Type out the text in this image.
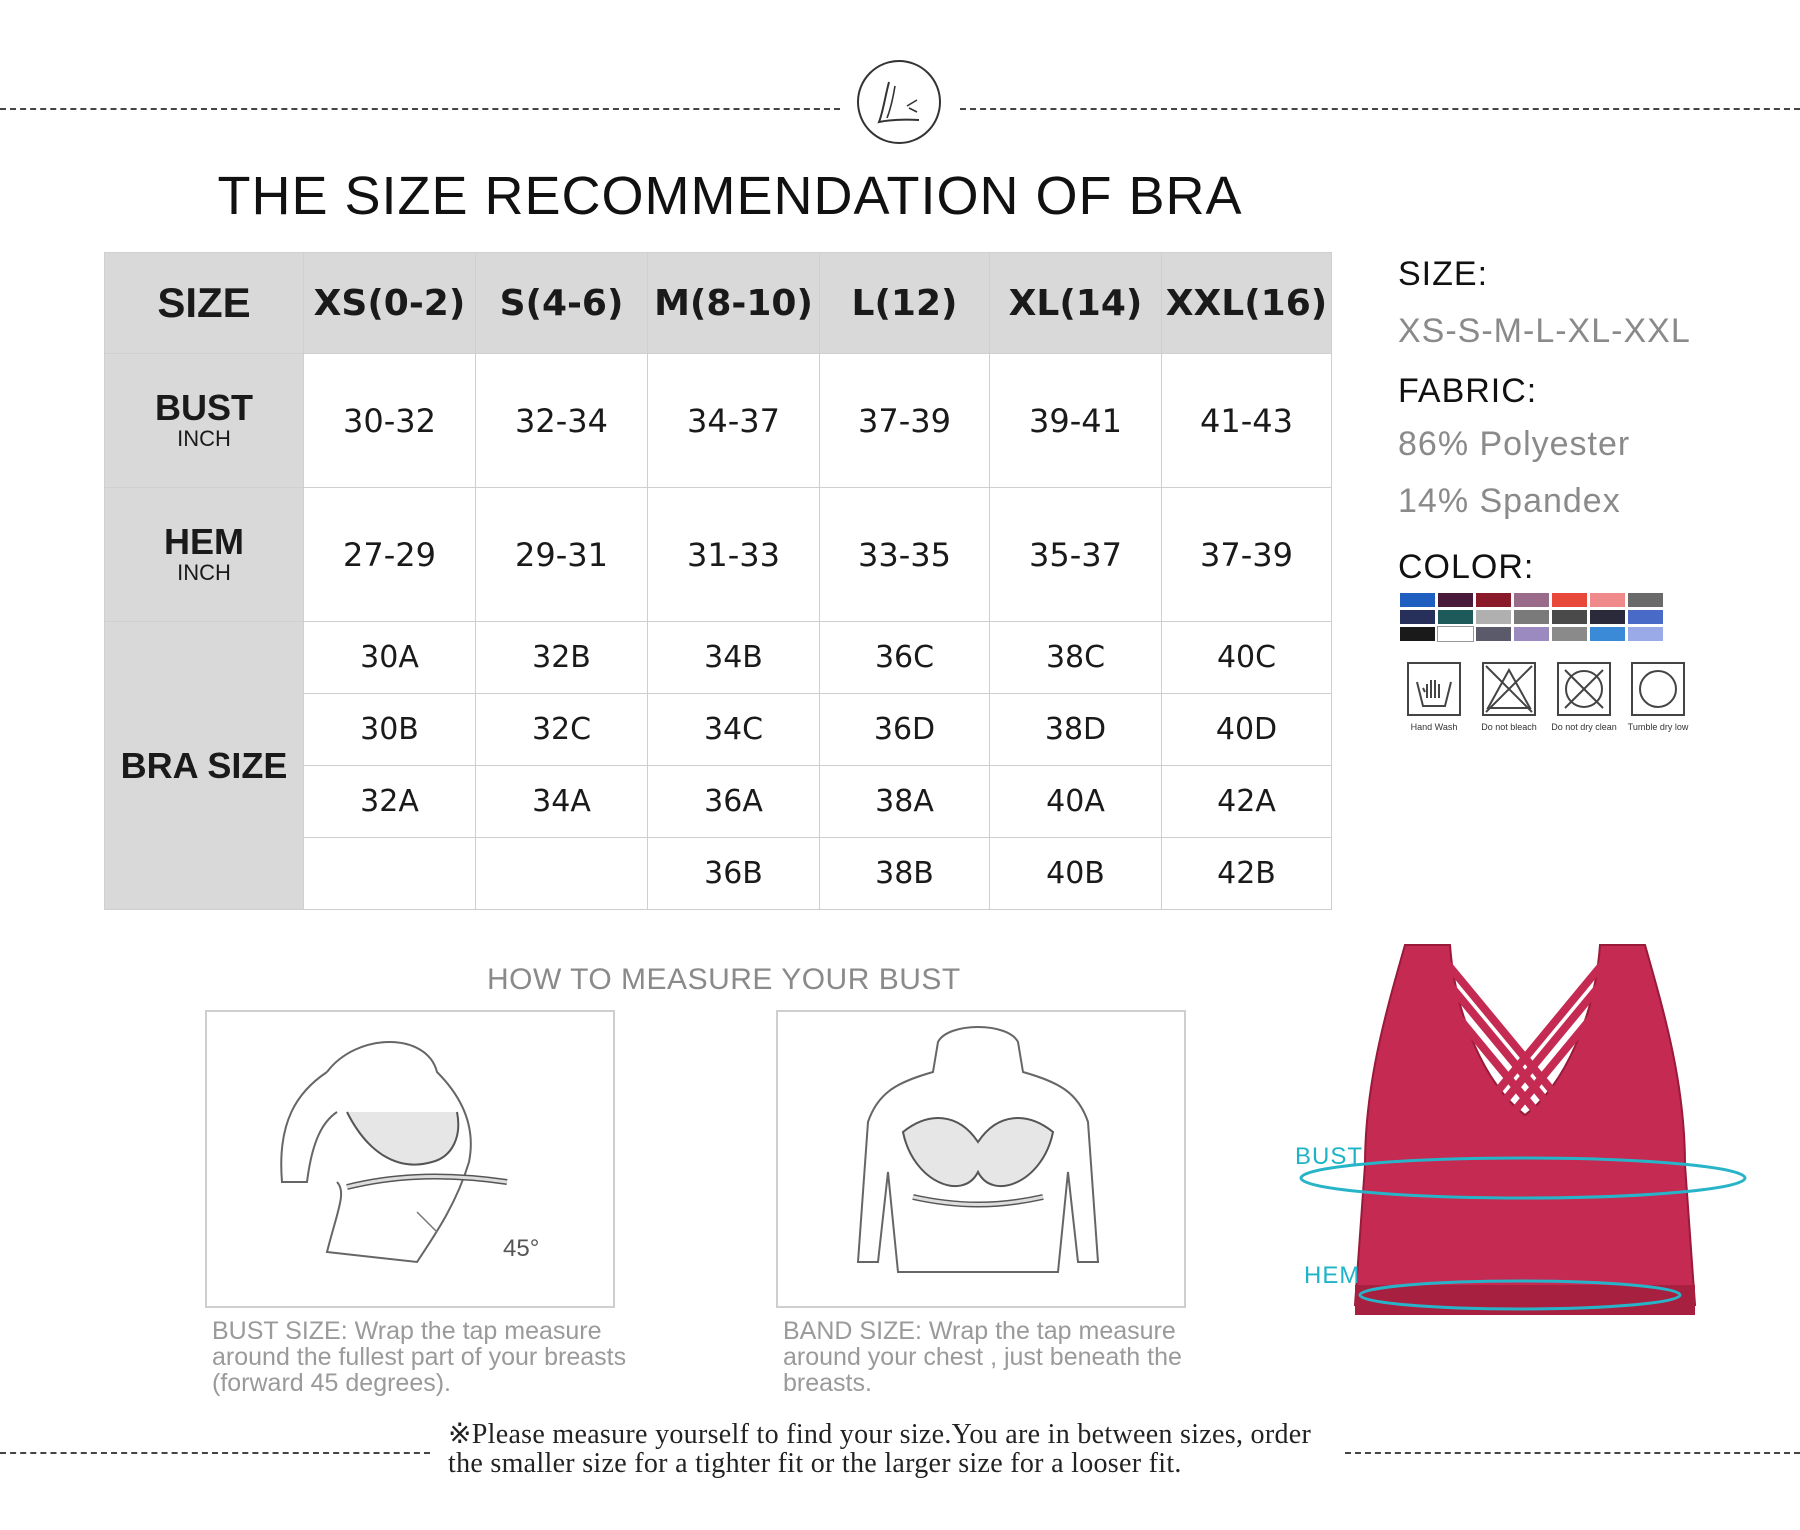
THE SIZE RECOMMENDATION OF BRA
SIZE	XS(0-2)	S(4-6)	M(8-10)	L(12)	XL(14)	XXL(16)

BUST
INCH	30-32	32-34	34-37	37-39	39-41	41-43

HEM
INCH	27-29	29-31	31-33	33-35	35-37	37-39

BRA SIZE	30A	32B	34B	36C	38C	40C
	30B	32C	34C	36D	38D	40D
	32A	34A	36A	38A	40A	42A
			36B	38B	40B	42B
SIZE:
XS-S-M-L-XL-XXL
FABRIC:
86% Polyester
14% Spandex
COLOR:
Hand Wash	Do not bleach	Do not dry clean Tumble dry low
HOW TO MEASURE YOUR BUST
45°
BUST SIZE: Wrap the tap measure around the fullest part of your breasts (forward 45 degrees).
BAND SIZE: Wrap the tap measure around your chest , just beneath the breasts.
BUST
HEM
※Please measure yourself to find your size.You are in between sizes, order the smaller size for a tighter fit or the larger size for a looser fit.
